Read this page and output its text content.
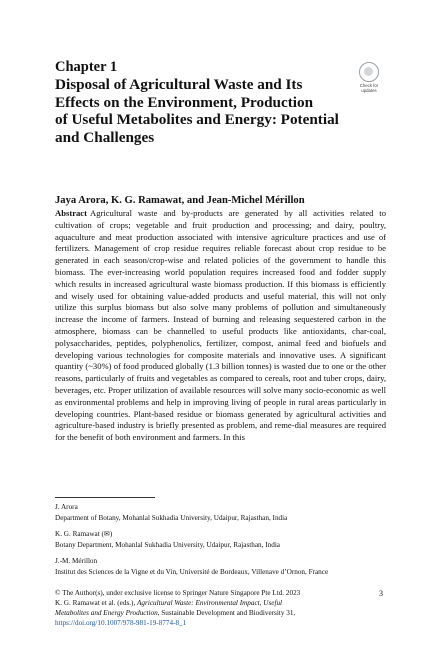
Chapter 1
Disposal of Agricultural Waste and Its
Effects on the Environment, Production
of Useful Metabolites and Energy: Potential
and Challenges
Check for
updates
Jaya Arora, K. G. Ramawat, and Jean-Michel Mérillon
Abstract Agricultural waste and by-products are generated by all activities related to cultivation of crops; vegetable and fruit production and processing; and dairy, poultry, aquaculture and meat production associated with intensive agriculture practices and use of fertilizers. Management of crop residue requires reliable forecast about crop residue to be generated in each season/crop-wise and related policies of the government to handle this biomass. The ever-increasing world population requires increased food and fodder supply which results in increased agricultural waste biomass production. If this biomass is efficiently and wisely used for obtaining value-added products and useful material, this will not only utilize this surplus biomass but also solve many problems of pollution and simultaneously increase the income of farmers. Instead of burning and releasing sequestered carbon in the atmosphere, biomass can be channelled to useful products like antioxidants, char-coal, polysaccharides, peptides, polyphenolics, fertilizer, compost, animal feed and biofuels and developing various technologies for composite materials and innovative uses. A significant quantity (~30%) of food produced globally (1.3 billion tonnes) is wasted due to one or the other reasons, particularly of fruits and vegetables as compared to cereals, root and tuber crops, dairy, beverages, etc. Proper utilization of available resources will solve many socio-economic as well as environmental problems and help in improving living of people in rural areas particularly in developing countries. Plant-based residue or biomass generated by agricultural activities and agriculture-based industry is briefly presented as problem, and reme-dial measures are required for the benefit of both environment and farmers. In this
J. Arora
Department of Botany, Mohanlal Sukhadia University, Udaipur, Rajasthan, India
K. G. Ramawat (✉)
Botany Department, Mohanlal Sukhadia University, Udaipur, Rajasthan, India
J.-M. Mérillon
Institut des Sciences de la Vigne et du Vin, Université de Bordeaux, Villenave d’Ornon, France
© The Author(s), under exclusive license to Springer Nature Singapore Pte Ltd. 2023
K. G. Ramawat et al. (eds.), Agricultural Waste: Environmental Impact, Useful
Metabolites and Energy Production, Sustainable Development and Biodiversity 31,
https://doi.org/10.1007/978-981-19-8774-8_1
3
